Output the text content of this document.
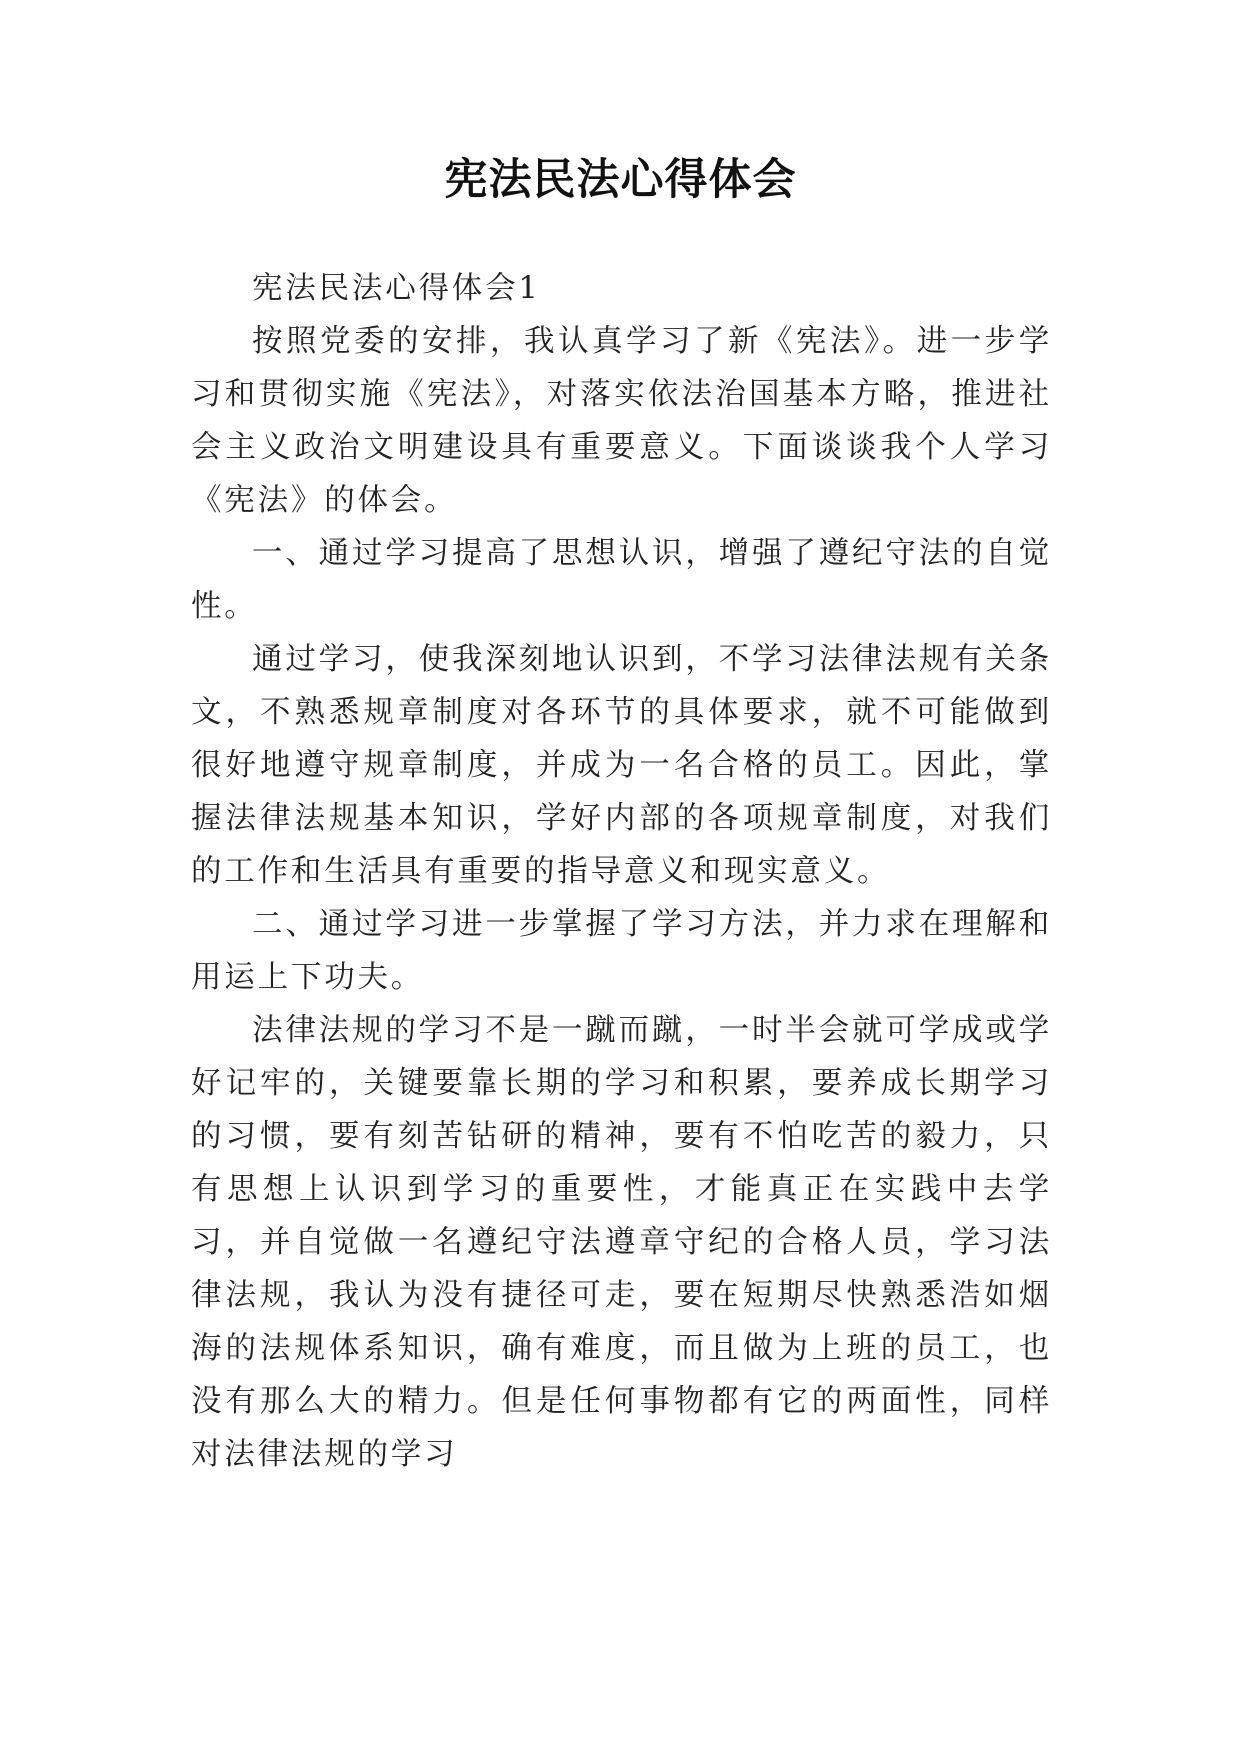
宪法民法心得体会

宪法民法心得体会1

按照党委的安排，我认真学习了新《宪法》。进一步学习和贯彻实施《宪法》，对落实依法治国基本方略，推进社会主义政治文明建设具有重要意义。下面谈谈我个人学习《宪法》的体会。

一、通过学习提高了思想认识，增强了遵纪守法的自觉性。

通过学习，使我深刻地认识到，不学习法律法规有关条文，不熟悉规章制度对各环节的具体要求，就不可能做到很好地遵守规章制度，并成为一名合格的员工。因此，掌握法律法规基本知识，学好内部的各项规章制度，对我们的工作和生活具有重要的指导意义和现实意义。

二、通过学习进一步掌握了学习方法，并力求在理解和用运上下功夫。

法律法规的学习不是一蹴而蹴，一时半会就可学成或学好记牢的，关键要靠长期的学习和积累，要养成长期学习的习惯，要有刻苦钻研的精神，要有不怕吃苦的毅力，只有思想上认识到学习的重要性，才能真正在实践中去学习，并自觉做一名遵纪守法遵章守纪的合格人员，学习法律法规，我认为没有捷径可走，要在短期尽快熟悉浩如烟海的法规体系知识，确有难度，而且做为上班的员工，也没有那么大的精力。但是任何事物都有它的两面性，同样对法律法规的学习
